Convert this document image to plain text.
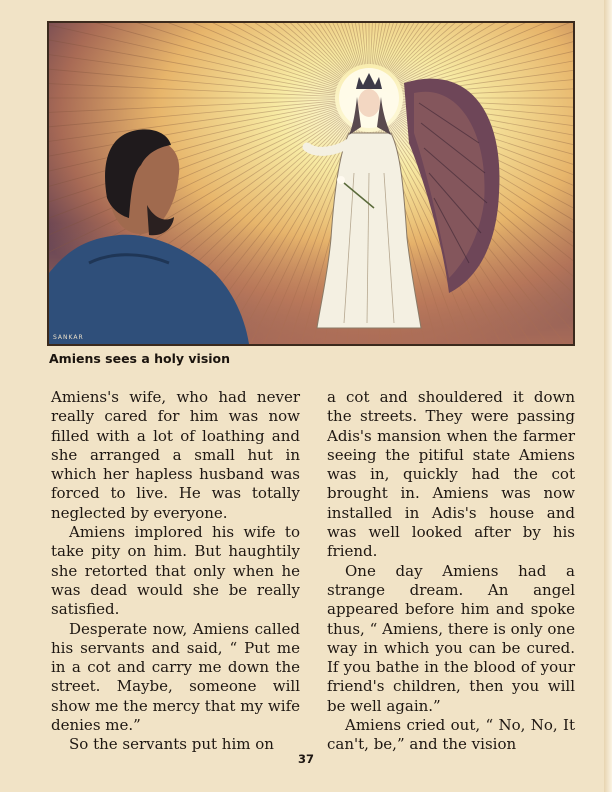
SANKAR
Amiens sees a holy vision

Amiens's wife, who had never really cared for him was now filled with a lot of loathing and she arranged a small hut in which her hapless husband was forced to live. He was totally neglected by everyone.

Amiens implored his wife to take pity on him. But haughtily she retorted that only when he was dead would she be really satisfied.

Desperate now, Amiens called his servants and said, “ Put me in a cot and carry me down the street. Maybe, someone will show me the mercy that my wife denies me.”

So the servants put him on

a cot and shouldered it down the streets. They were passing Adis's mansion when the farmer seeing the pitiful state Amiens was in, quickly had the cot brought in. Amiens was now installed in Adis's house and was well looked after by his friend.

One day Amiens had a strange dream. An angel appeared before him and spoke thus, “ Amiens, there is only one way in which you can be cured. If you bathe in the blood of your friend's children, then you will be well again.”

Amiens cried out, “ No, No, It can't, be,” and the vision

37
